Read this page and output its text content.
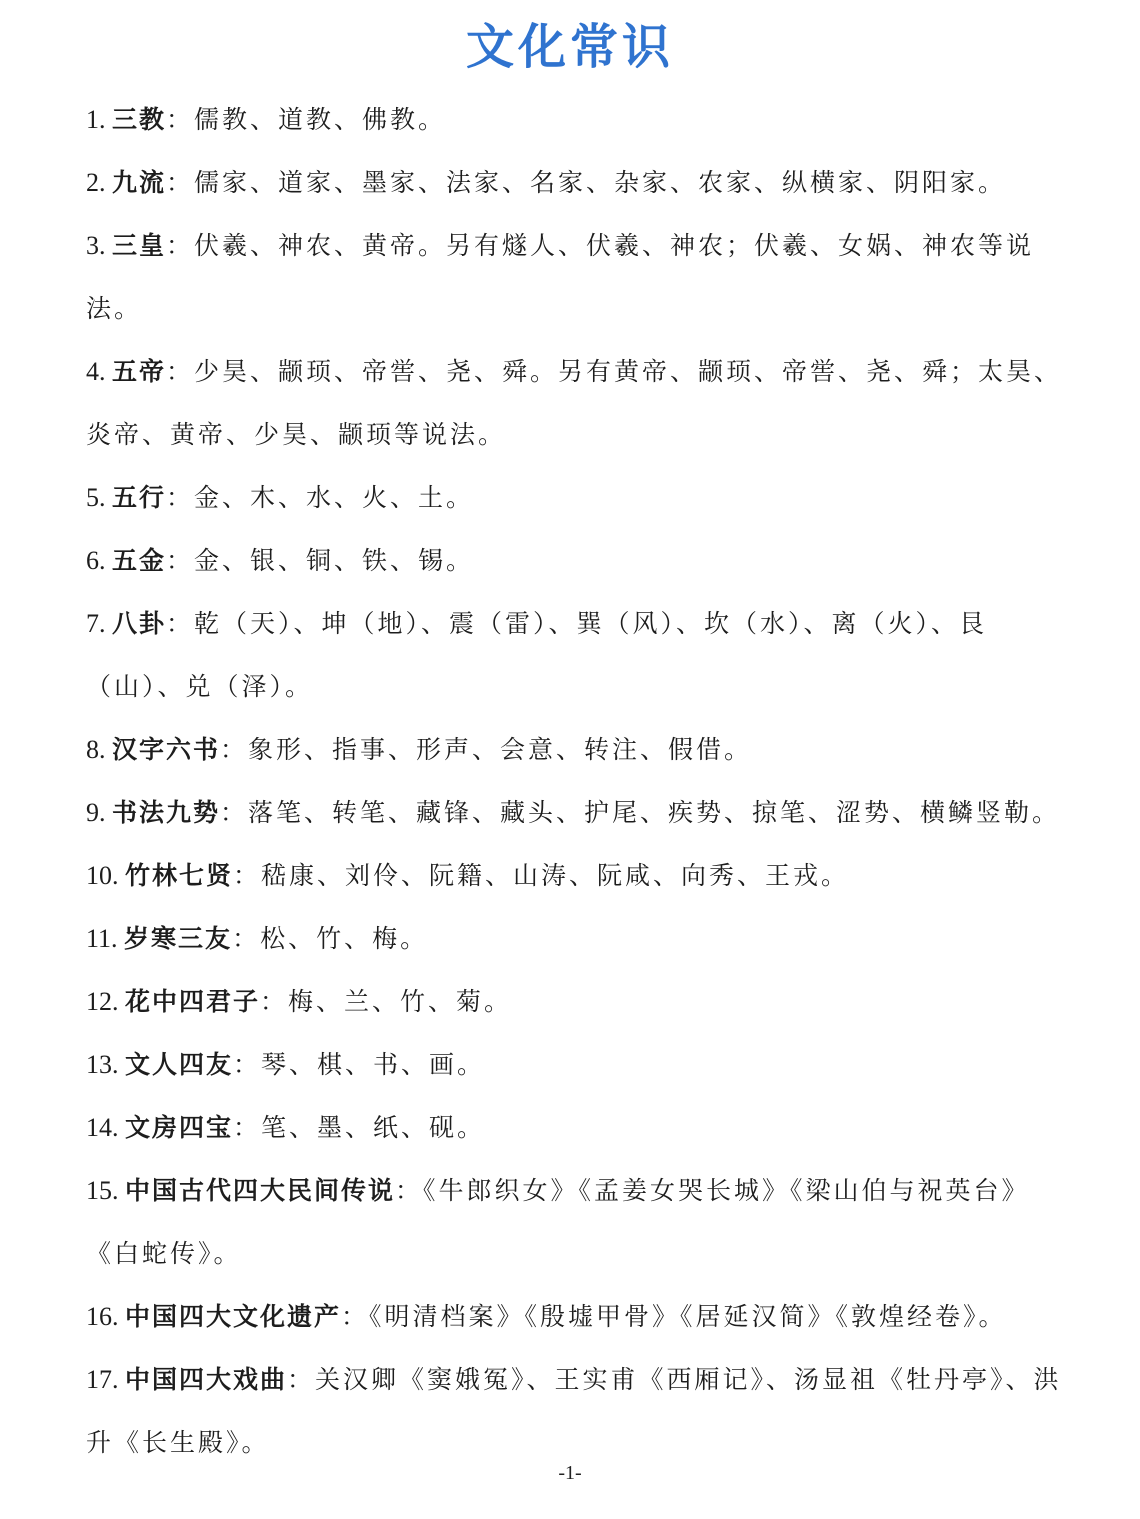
文化常识
1. 三教：儒教、道教、佛教。
2. 九流：儒家、道家、墨家、法家、名家、杂家、农家、纵横家、阴阳家。
3. 三皇：伏羲、神农、黄帝。另有燧人、伏羲、神农；伏羲、女娲、神农等说法。
4. 五帝：少昊、颛顼、帝喾、尧、舜。另有黄帝、颛顼、帝喾、尧、舜；太昊、炎帝、黄帝、少昊、颛顼等说法。
5. 五行：金、木、水、火、土。
6. 五金：金、银、铜、铁、锡。
7. 八卦：乾（天）、坤（地）、震（雷）、巽（风）、坎（水）、离（火）、艮（山）、兑（泽）。
8. 汉字六书：象形、指事、形声、会意、转注、假借。
9. 书法九势：落笔、转笔、藏锋、藏头、护尾、疾势、掠笔、涩势、横鳞竖勒。
10. 竹林七贤：嵇康、刘伶、阮籍、山涛、阮咸、向秀、王戎。
11. 岁寒三友：松、竹、梅。
12. 花中四君子：梅、兰、竹、菊。
13. 文人四友：琴、棋、书、画。
14. 文房四宝：笔、墨、纸、砚。
15. 中国古代四大民间传说：《牛郎织女》《孟姜女哭长城》《梁山伯与祝英台》《白蛇传》。
16. 中国四大文化遗产：《明清档案》《殷墟甲骨》《居延汉简》《敦煌经卷》。
17. 中国四大戏曲：关汉卿《窦娥冤》、王实甫《西厢记》、汤显祖《牡丹亭》、洪升《长生殿》。
-1-
